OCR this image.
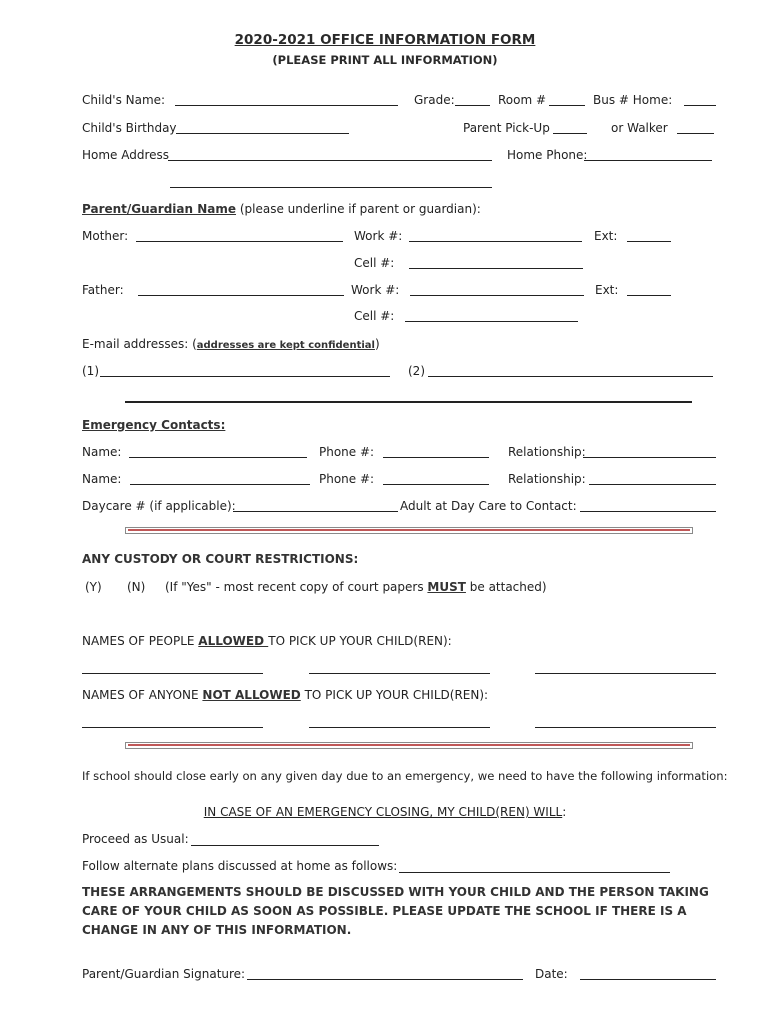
2020-2021 OFFICE INFORMATION FORM
(PLEASE PRINT ALL INFORMATION)
Child's Name:	Grade:	Room #	Bus # Home:
Child's Birthday	Parent Pick-Up	or Walker
Home Address	Home Phone:
Parent/Guardian Name (please underline if parent or guardian):
Mother:	Work #:	Ext:
Cell #:
Father:	Work #:	Ext:
Cell #:
E-mail addresses: (addresses are kept confidential)
(1)	(2)
Emergency Contacts:
Name:	Phone #:	Relationship:
Name:	Phone #:	Relationship:
Daycare # (if applicable):	Adult at Day Care to Contact:
ANY CUSTODY OR COURT RESTRICTIONS:
(Y) (N) (If "Yes" - most recent copy of court papers MUST be attached)
NAMES OF PEOPLE ALLOWED TO PICK UP YOUR CHILD(REN):
NAMES OF ANYONE NOT ALLOWED TO PICK UP YOUR CHILD(REN):
If school should close early on any given day due to an emergency, we need to have the following information:
IN CASE OF AN EMERGENCY CLOSING, MY CHILD(REN) WILL:
Proceed as Usual:
Follow alternate plans discussed at home as follows:
THESE ARRANGEMENTS SHOULD BE DISCUSSED WITH YOUR CHILD AND THE PERSON TAKING CARE OF YOUR CHILD AS SOON AS POSSIBLE. PLEASE UPDATE THE SCHOOL IF THERE IS A CHANGE IN ANY OF THIS INFORMATION.
Parent/Guardian Signature:	Date:
